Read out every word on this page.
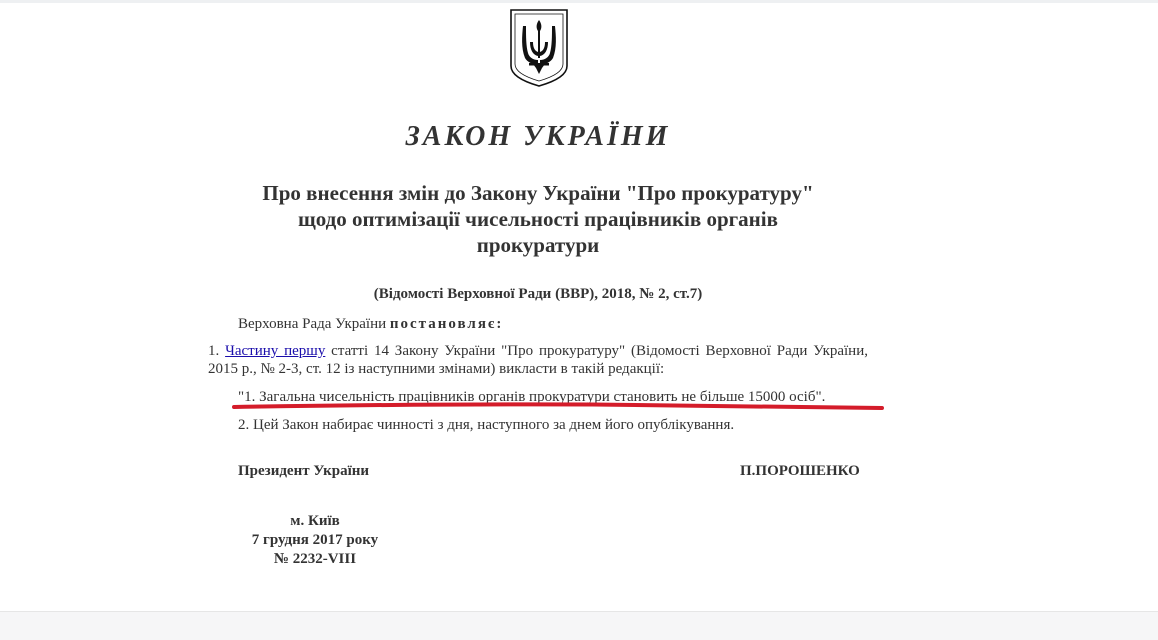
ЗАКОН УКРАЇНИ
Про внесення змін до Закону України "Про прокуратуру"
щодо оптимізації чисельності працівників органів
прокуратури
(Відомості Верховної Ради (ВВР), 2018, № 2, ст.7)
Верховна Рада України постановляє:
1. Частину першу статті 14 Закону України "Про прокуратуру" (Відомості Верховної Ради України, 2015 р., № 2-3, ст. 12 із наступними змінами) викласти в такій редакції:
"1. Загальна чисельність працівників органів прокуратури становить не більше 15000 осіб".
2. Цей Закон набирає чинності з дня, наступного за днем його опублікування.
Президент України	П.ПОРОШЕНКО
м. Київ
7 грудня 2017 року
№ 2232-VIII
